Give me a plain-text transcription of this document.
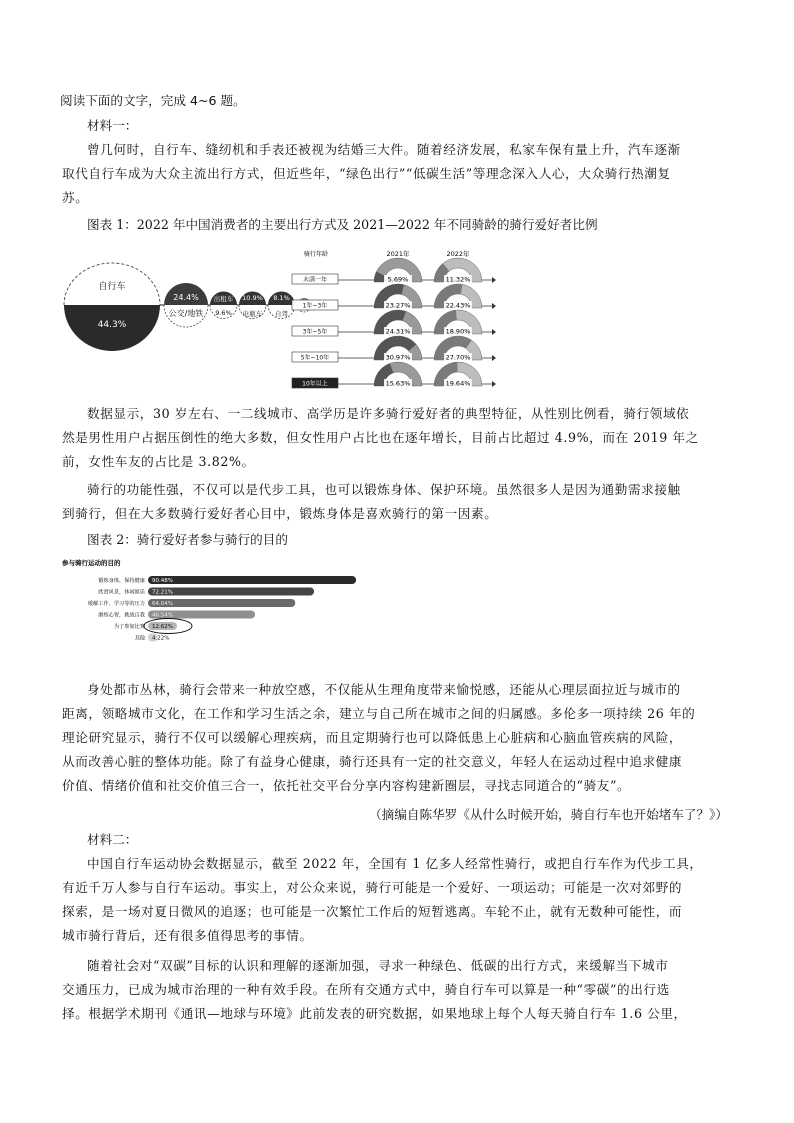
阅读下面的文字，完成 4~6 题。
材料一：
曾几何时，自行车、缝纫机和手表还被视为结婚三大件。随着经济发展，私家车保有量上升，汽车逐渐
取代自行车成为大众主流出行方式，但近些年，“绿色出行”“低碳生活”等理念深入人心，大众骑行热潮复
苏。
图表 1：2022 年中国消费者的主要出行方式及 2021—2022 年不同骑龄的骑行爱好者比例
自行车
44.3%
24.4%
公交/地铁 9.6%
出租车 10.9%
电瓶车
8.1%
自驾
骑行年龄	2021年	2022年
未满一年	5.69%	11.32%
1年~3年	23.27%	22.43%
3年~5年	24.31%	18.90%
5年~10年	30.97%	27.70%
10年以上	15.63%	19.64%
数据显示，30 岁左右、一二线城市、高学历是许多骑行爱好者的典型特征，从性别比例看，骑行领域依
然是男性用户占据压倒性的绝大多数，但女性用户占比也在逐年增长，目前占比超过 4.9%，而在 2019 年之
前，女性车友的占比是 3.82%。
骑行的功能性强，不仅可以是代步工具，也可以锻炼身体、保护环境。虽然很多人是因为通勤需求接触
到骑行，但在大多数骑行爱好者心目中，锻炼身体是喜欢骑行的第一因素。
图表 2：骑行爱好者参与骑行的目的
参与骑行运动的目的
锻炼身体，保持健康 90.48%
欣赏风景，休闲娱乐 72.21%
缓解工作、学习等的压力 64.04%
磨练心智，挑战自我 46.54%
为了参加比赛 12.62%
其他 4.22%
身处都市丛林，骑行会带来一种放空感，不仅能从生理角度带来愉悦感，还能从心理层面拉近与城市的
距离，领略城市文化，在工作和学习生活之余，建立与自己所在城市之间的归属感。多伦多一项持续 26 年的
理论研究显示，骑行不仅可以缓解心理疾病，而且定期骑行也可以降低患上心脏病和心脑血管疾病的风险，
从而改善心脏的整体功能。除了有益身心健康，骑行还具有一定的社交意义，年轻人在运动过程中追求健康
价值、情绪价值和社交价值三合一，依托社交平台分享内容构建新圈层，寻找志同道合的“骑友”。
（摘编自陈华罗《从什么时候开始，骑自行车也开始堵车了？》）
材料二：
中国自行车运动协会数据显示，截至 2022 年，全国有 1 亿多人经常性骑行，或把自行车作为代步工具，
有近千万人参与自行车运动。事实上，对公众来说，骑行可能是一个爱好、一项运动；可能是一次对郊野的
探索，是一场对夏日微风的追逐；也可能是一次繁忙工作后的短暂逃离。车轮不止，就有无数种可能性，而
城市骑行背后，还有很多值得思考的事情。
随着社会对“双碳”目标的认识和理解的逐渐加强，寻求一种绿色、低碳的出行方式，来缓解当下城市
交通压力，已成为城市治理的一种有效手段。在所有交通方式中，骑自行车可以算是一种“零碳”的出行选
择。根据学术期刊《通讯—地球与环境》此前发表的研究数据，如果地球上每个人每天骑自行车 1.6 公里，
